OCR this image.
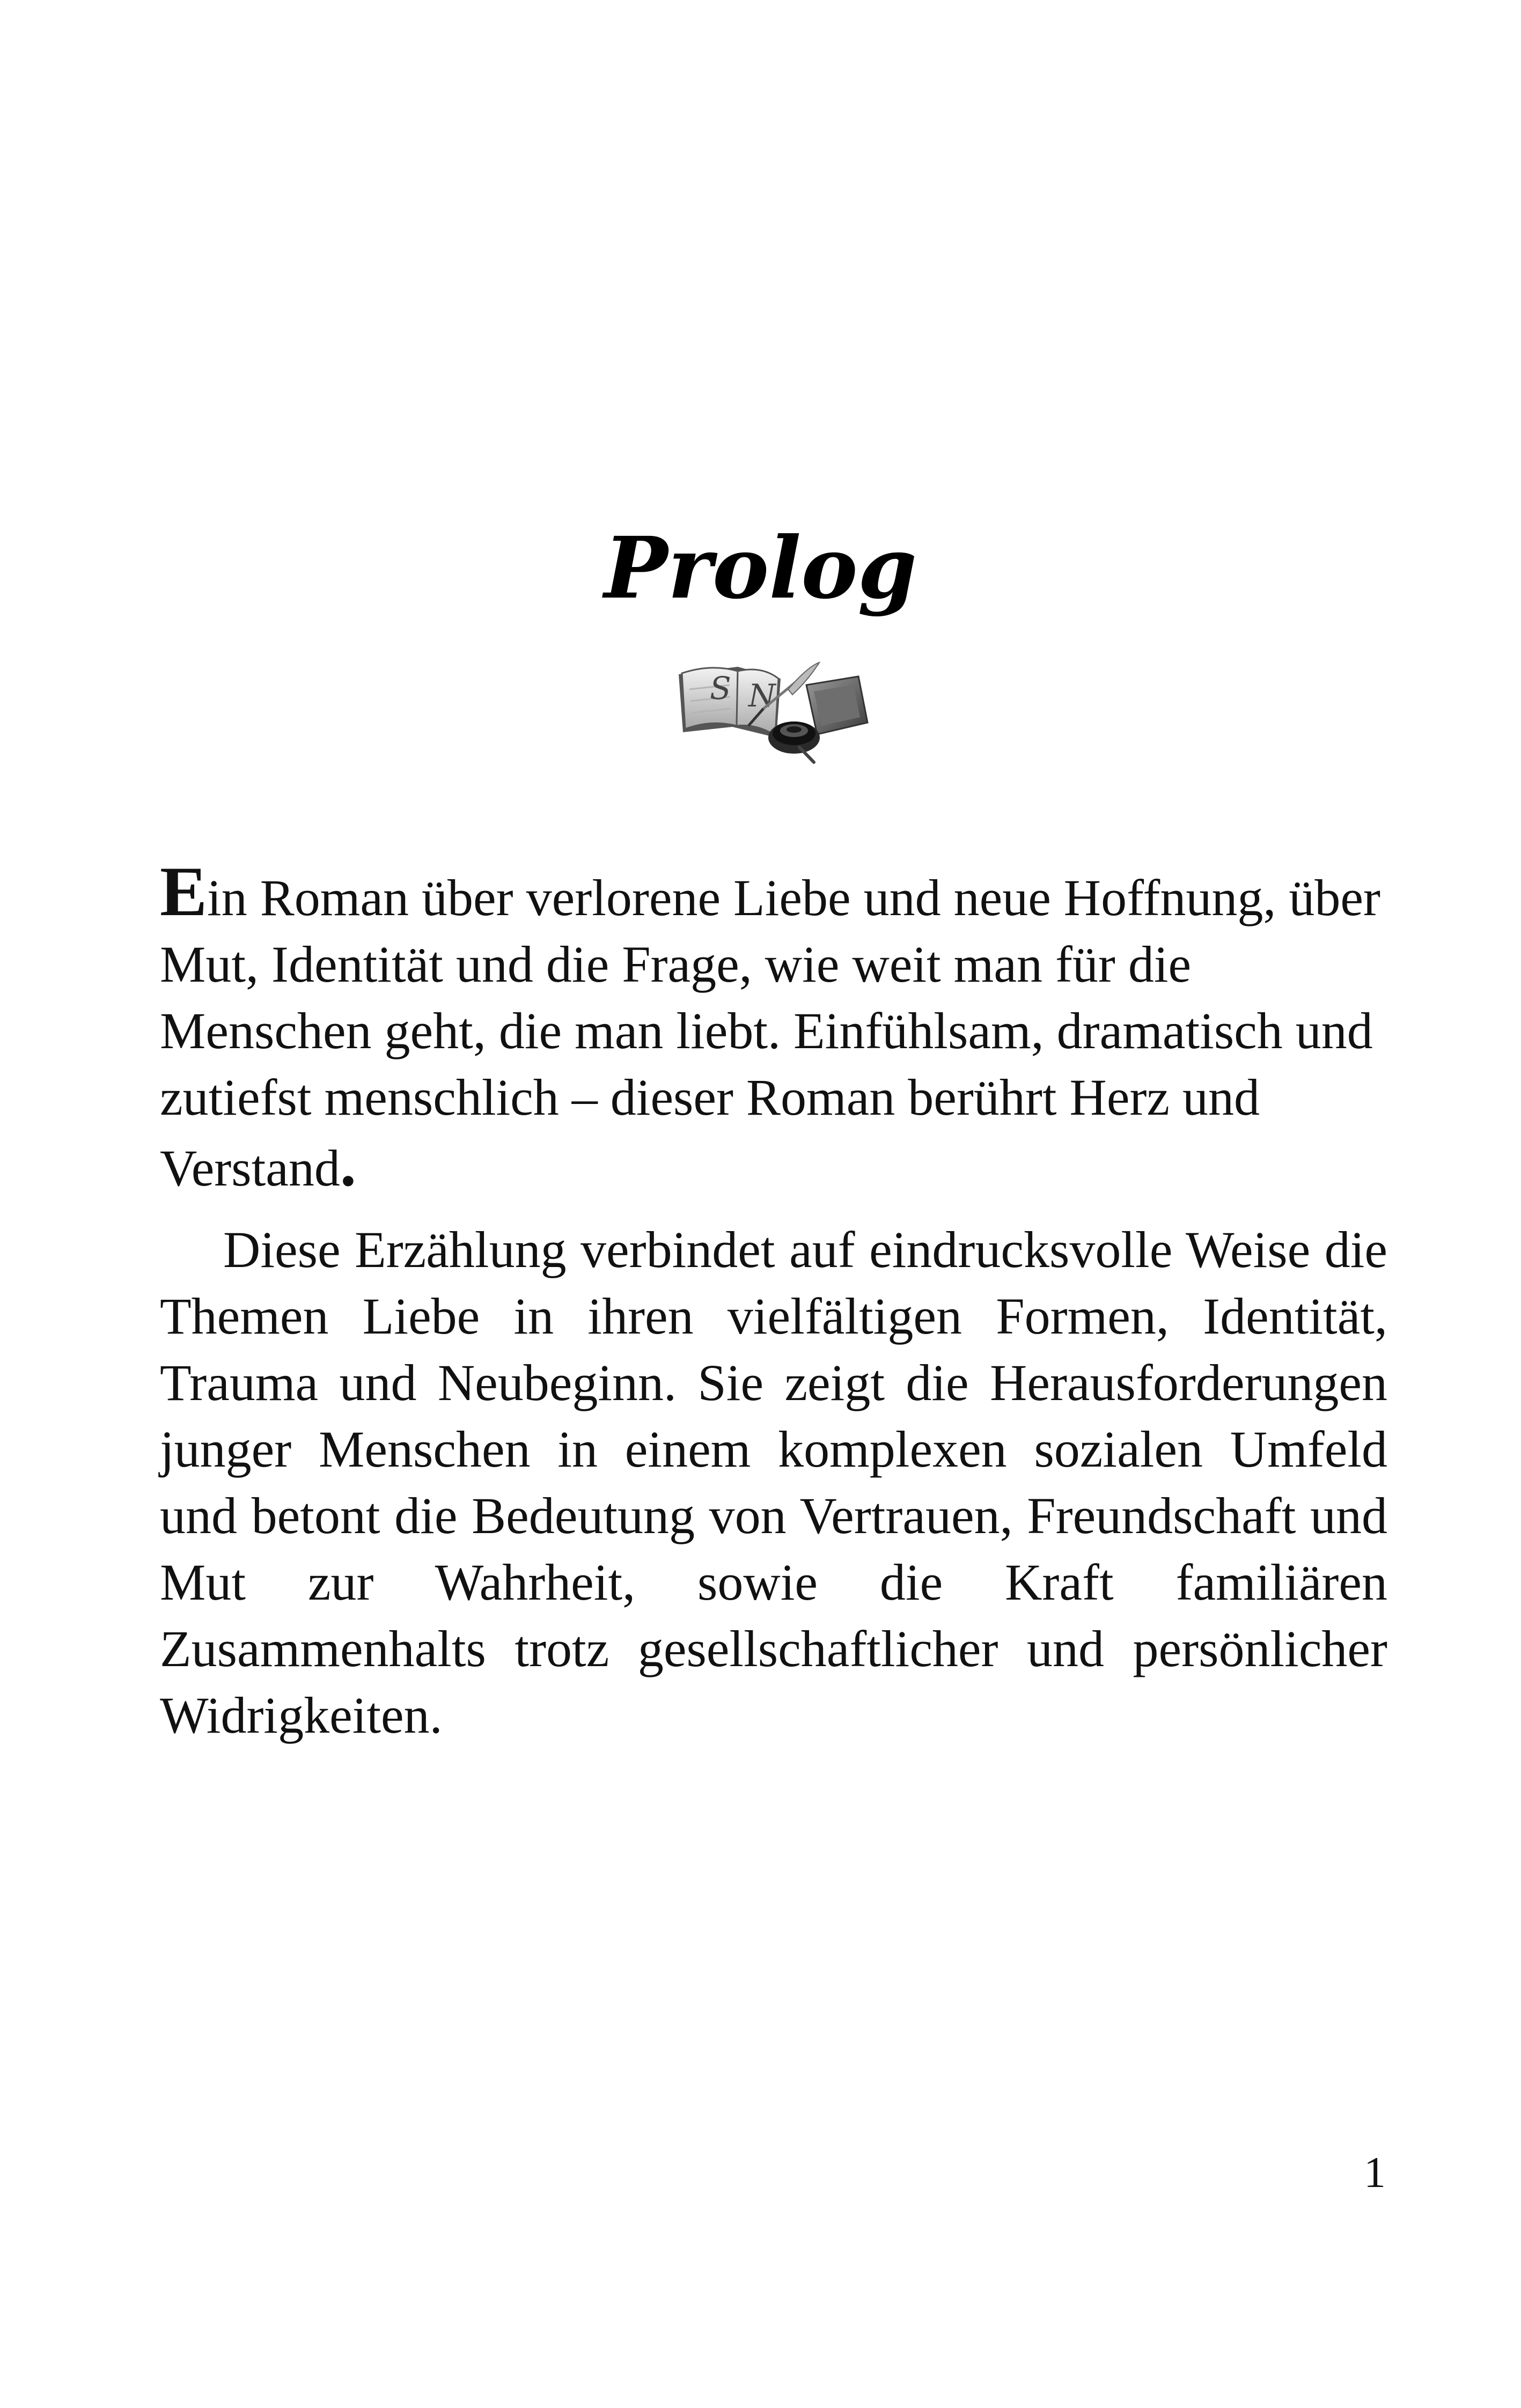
Prolog
S N

Ein Roman über verlorene Liebe und neue Hoffnung, über Mut, Identität und die Frage, wie weit man für die Menschen geht, die man liebt. Einfühlsam, dramatisch und zutiefst menschlich – dieser Roman berührt Herz und Verstand.

Diese Erzählung verbindet auf eindrucksvolle Weise die Themen Liebe in ihren vielfältigen Formen, Identität, Trauma und Neubeginn. Sie zeigt die Herausforderungen junger Menschen in einem komplexen sozialen Umfeld und betont die Bedeutung von Vertrauen, Freundschaft und Mut zur Wahrheit, sowie die Kraft familiären Zusammenhalts trotz gesellschaftlicher und persönlicher Widrigkeiten.

1
